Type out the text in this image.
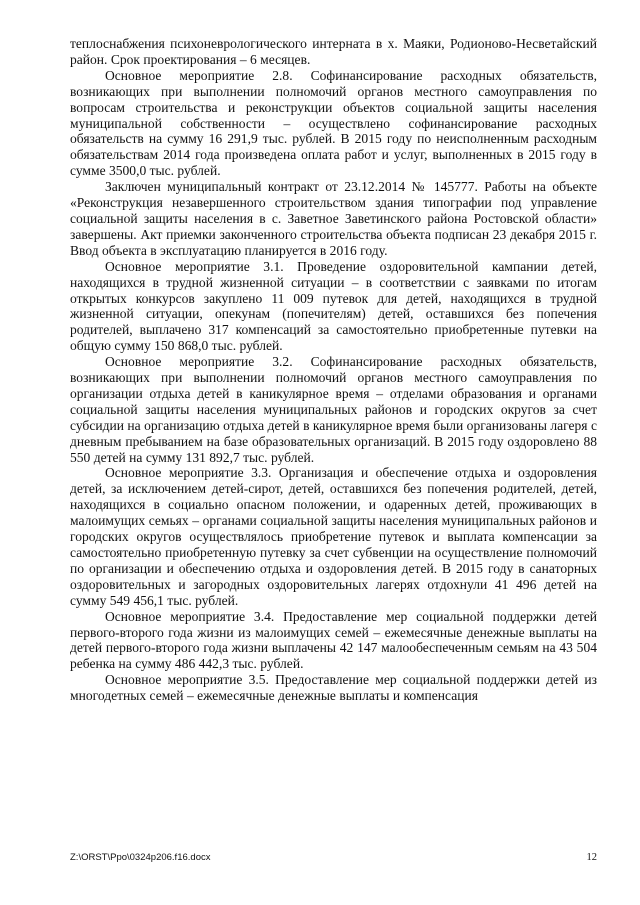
теплоснабжения психоневрологического интерната в х. Маяки, Родионово-Несветайский район. Срок проектирования – 6 месяцев.

Основное мероприятие 2.8. Софинансирование расходных обязательств, возникающих при выполнении полномочий органов местного самоуправления по вопросам строительства и реконструкции объектов социальной защиты населения муниципальной собственности – осуществлено софинансирование расходных обязательств на сумму 16 291,9 тыс. рублей. В 2015 году по неисполненным расходным обязательствам 2014 года произведена оплата работ и услуг, выполненных в 2015 году в сумме 3500,0 тыс. рублей.

Заключен муниципальный контракт от 23.12.2014 № 145777. Работы на объекте «Реконструкция незавершенного строительством здания типографии под управление социальной защиты населения в с. Заветное Заветинского района Ростовской области» завершены. Акт приемки законченного строительства объекта подписан 23 декабря 2015 г. Ввод объекта в эксплуатацию планируется в 2016 году.

Основное мероприятие 3.1. Проведение оздоровительной кампании детей, находящихся в трудной жизненной ситуации – в соответствии с заявками по итогам открытых конкурсов закуплено 11 009 путевок для детей, находящихся в трудной жизненной ситуации, опекунам (попечителям) детей, оставшихся без попечения родителей, выплачено 317 компенсаций за самостоятельно приобретенные путевки на общую сумму 150 868,0 тыс. рублей.

Основное мероприятие 3.2. Софинансирование расходных обязательств, возникающих при выполнении полномочий органов местного самоуправления по организации отдыха детей в каникулярное время – отделами образования и органами социальной защиты населения муниципальных районов и городских округов за счет субсидии на организацию отдыха детей в каникулярное время были организованы лагеря с дневным пребыванием на базе образовательных организаций. В 2015 году оздоровлено 88 550 детей на сумму 131 892,7 тыс. рублей.

Основное мероприятие 3.3. Организация и обеспечение отдыха и оздоровления детей, за исключением детей-сирот, детей, оставшихся без попечения родителей, детей, находящихся в социально опасном положении, и одаренных детей, проживающих в малоимущих семьях – органами социальной защиты населения муниципальных районов и городских округов осуществлялось приобретение путевок и выплата компенсации за самостоятельно приобретенную путевку за счет субвенции на осуществление полномочий по организации и обеспечению отдыха и оздоровления детей. В 2015 году в санаторных оздоровительных и загородных оздоровительных лагерях отдохнули 41 496 детей на сумму 549 456,1 тыс. рублей.

Основное мероприятие 3.4. Предоставление мер социальной поддержки детей первого-второго года жизни из малоимущих семей – ежемесячные денежные выплаты на детей первого-второго года жизни выплачены 42 147 малообеспеченным семьям на 43 504 ребенка на сумму 486 442,3 тыс. рублей.

Основное мероприятие 3.5. Предоставление мер социальной поддержки детей из многодетных семей – ежемесячные денежные выплаты и компенсация

Z:\ORST\Ppo\0324p206.f16.docx	12
